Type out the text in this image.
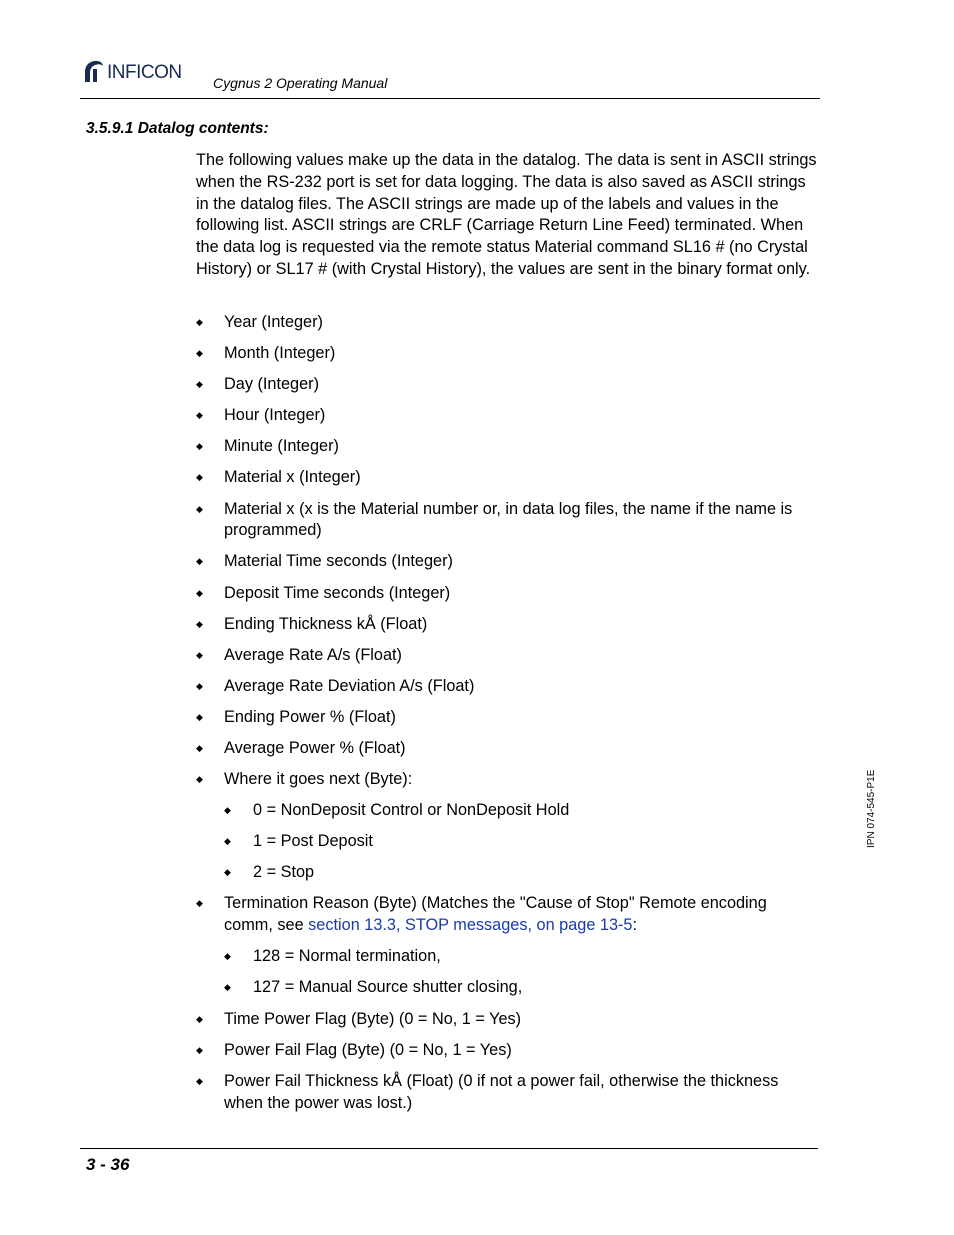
INFICON Cygnus 2 Operating Manual
3.5.9.1 Datalog contents:

The following values make up the data in the datalog. The data is sent in ASCII strings when the RS-232 port is set for data logging. The data is also saved as ASCII strings in the datalog files. The ASCII strings are made up of the labels and values in the following list. ASCII strings are CRLF (Carriage Return Line Feed) terminated. When the data log is requested via the remote status Material command SL16 # (no Crystal History) or SL17 # (with Crystal History), the values are sent in the binary format only.

◆ Year (Integer)
◆ Month (Integer)
◆ Day (Integer)
◆ Hour (Integer)
◆ Minute (Integer)
◆ Material x (Integer)
◆ Material x (x is the Material number or, in data log files, the name if the name is programmed)
◆ Material Time seconds (Integer)
◆ Deposit Time seconds (Integer)
◆ Ending Thickness kÅ (Float)
◆ Average Rate A/s (Float)
◆ Average Rate Deviation A/s (Float)
◆ Ending Power % (Float)
◆ Average Power % (Float)
◆ Where it goes next (Byte):
◆ 0 = NonDeposit Control or NonDeposit Hold
◆ 1 = Post Deposit
◆ 2 = Stop
◆ Termination Reason (Byte) (Matches the "Cause of Stop" Remote encoding comm, see section 13.3, STOP messages, on page 13-5:
◆ 128 = Normal termination,
◆ 127 = Manual Source shutter closing,
◆ Time Power Flag (Byte) (0 = No, 1 = Yes)
◆ Power Fail Flag (Byte) (0 = No, 1 = Yes)
◆ Power Fail Thickness kÅ (Float) (0 if not a power fail, otherwise the thickness when the power was lost.)
IPN 074-545-P1E
3 - 36
